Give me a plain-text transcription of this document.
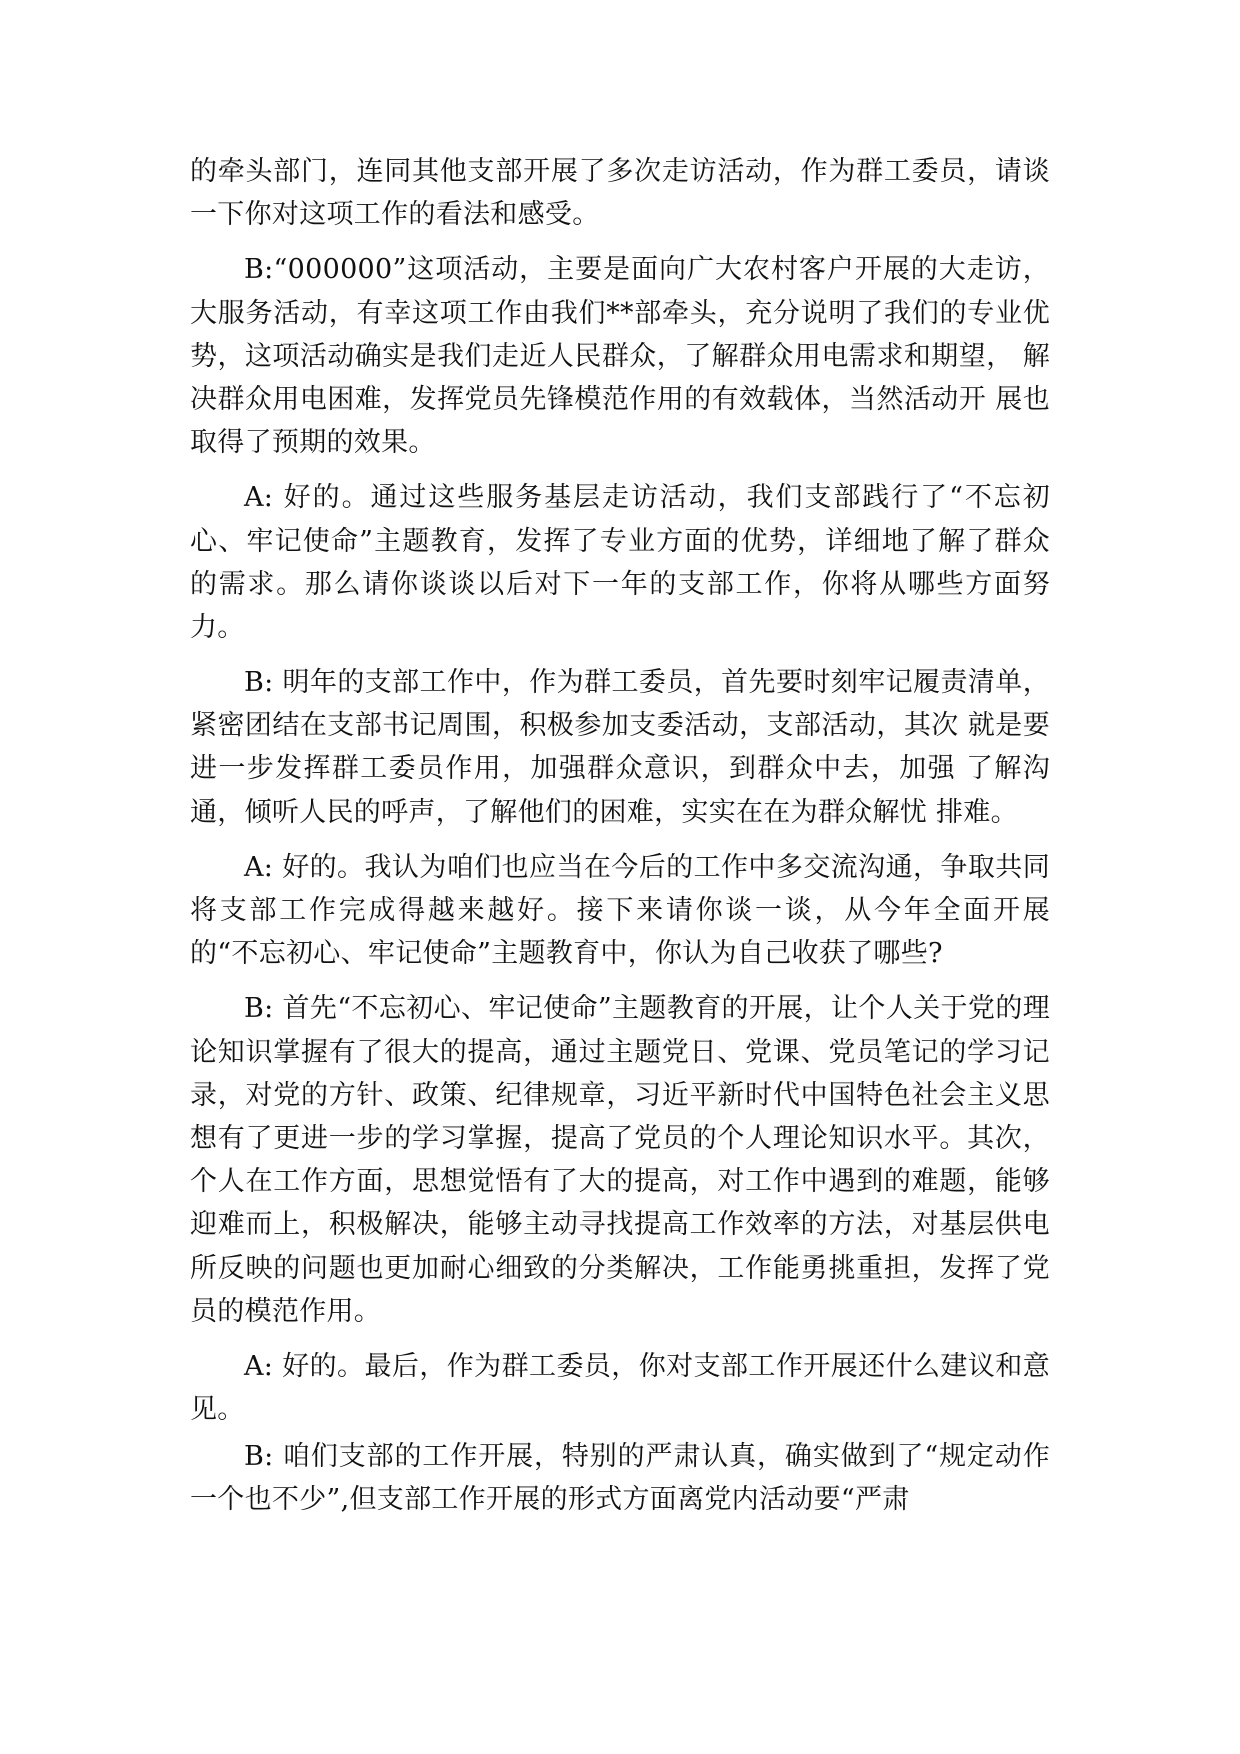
的牵头部门，连同其他支部开展了多次走访活动，作为群工委员，请谈一下你对这项工作的看法和感受。

B:“000000”这项活动，主要是面向广大农村客户开展的大走访，大服务活动，有幸这项工作由我们**部牵头，充分说明了我们的专业优势，这项活动确实是我们走近人民群众，了解群众用电需求和期望， 解决群众用电困难，发挥党员先锋模范作用的有效载体，当然活动开 展也取得了预期的效果。

A: 好的。通过这些服务基层走访活动，我们支部践行了“不忘初心、牢记使命”主题教育，发挥了专业方面的优势，详细地了解了群众的需求。那么请你谈谈以后对下一年的支部工作，你将从哪些方面努力。

B: 明年的支部工作中，作为群工委员，首先要时刻牢记履责清单，紧密团结在支部书记周围，积极参加支委活动，支部活动，其次 就是要进一步发挥群工委员作用，加强群众意识，到群众中去，加强 了解沟通，倾听人民的呼声，了解他们的困难，实实在在为群众解忧 排难。

A: 好的。我认为咱们也应当在今后的工作中多交流沟通，争取共同将支部工作完成得越来越好。接下来请你谈一谈，从今年全面开展的“不忘初心、牢记使命”主题教育中，你认为自己收获了哪些?

B: 首先“不忘初心、牢记使命”主题教育的开展，让个人关于党的理论知识掌握有了很大的提高，通过主题党日、党课、党员笔记的学习记录，对党的方针、政策、纪律规章，习近平新时代中国特色社会主义思想有了更进一步的学习掌握，提高了党员的个人理论知识水平。其次，个人在工作方面，思想觉悟有了大的提高，对工作中遇到的难题，能够迎难而上，积极解决，能够主动寻找提高工作效率的方法，对基层供电所反映的问题也更加耐心细致的分类解决，工作能勇挑重担，发挥了党员的模范作用。

A: 好的。最后，作为群工委员，你对支部工作开展还什么建议和意见。

B: 咱们支部的工作开展，特别的严肃认真，确实做到了“规定动作一个也不少”,但支部工作开展的形式方面离党内活动要“严肃
